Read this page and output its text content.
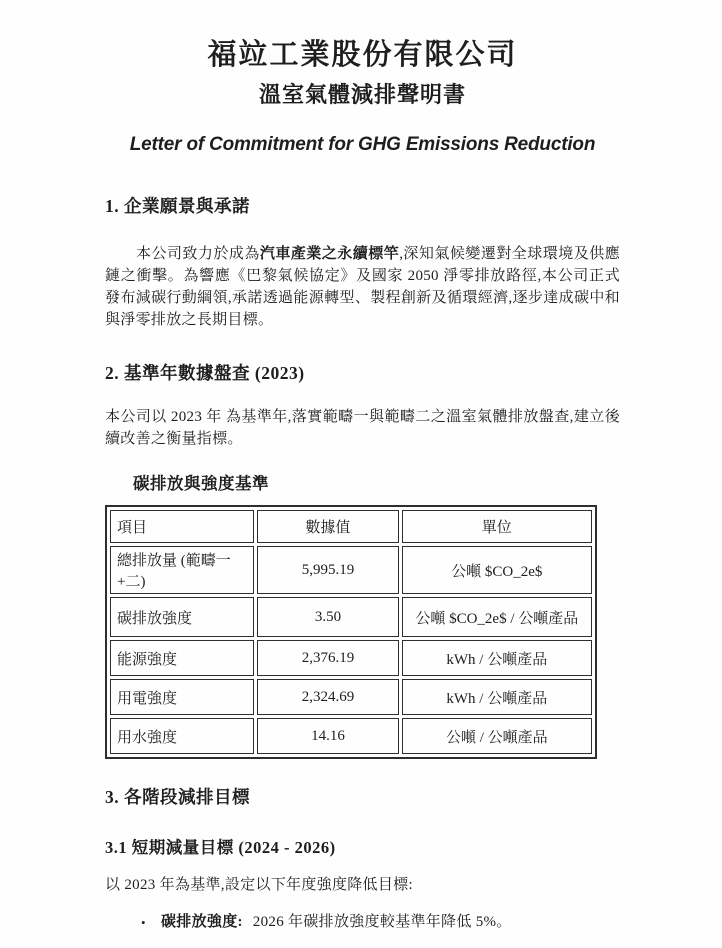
福竝工業股份有限公司
溫室氣體減排聲明書
Letter of Commitment for GHG Emissions Reduction
1. 企業願景與承諾

本公司致力於成為汽車產業之永續標竿,深知氣候變遷對全球環境及供應鏈之衝擊。為響應《巴黎氣候協定》及國家 2050 淨零排放路徑,本公司正式發布減碳行動綱領,承諾透過能源轉型、製程創新及循環經濟,逐步達成碳中和與淨零排放之長期目標。

2. 基準年數據盤查 (2023)

本公司以 2023 年 為基準年,落實範疇一與範疇二之溫室氣體排放盤查,建立後續改善之衡量指標。

碳排放與強度基準
項目	數據值	單位
總排放量 (範疇一+二)	5,995.19	公噸 $CO_2e$
碳排放強度	3.50	公噸 $CO_2e$ / 公噸產品
能源強度	2,376.19	kWh / 公噸產品
用電強度	2,324.69	kWh / 公噸產品
用水強度	14.16	公噸 / 公噸產品
3. 各階段減排目標
3.1 短期減量目標 (2024 - 2026)

以 2023 年為基準,設定以下年度強度降低目標:

•	碳排放強度: 2026 年碳排放強度較基準年降低 5%。
